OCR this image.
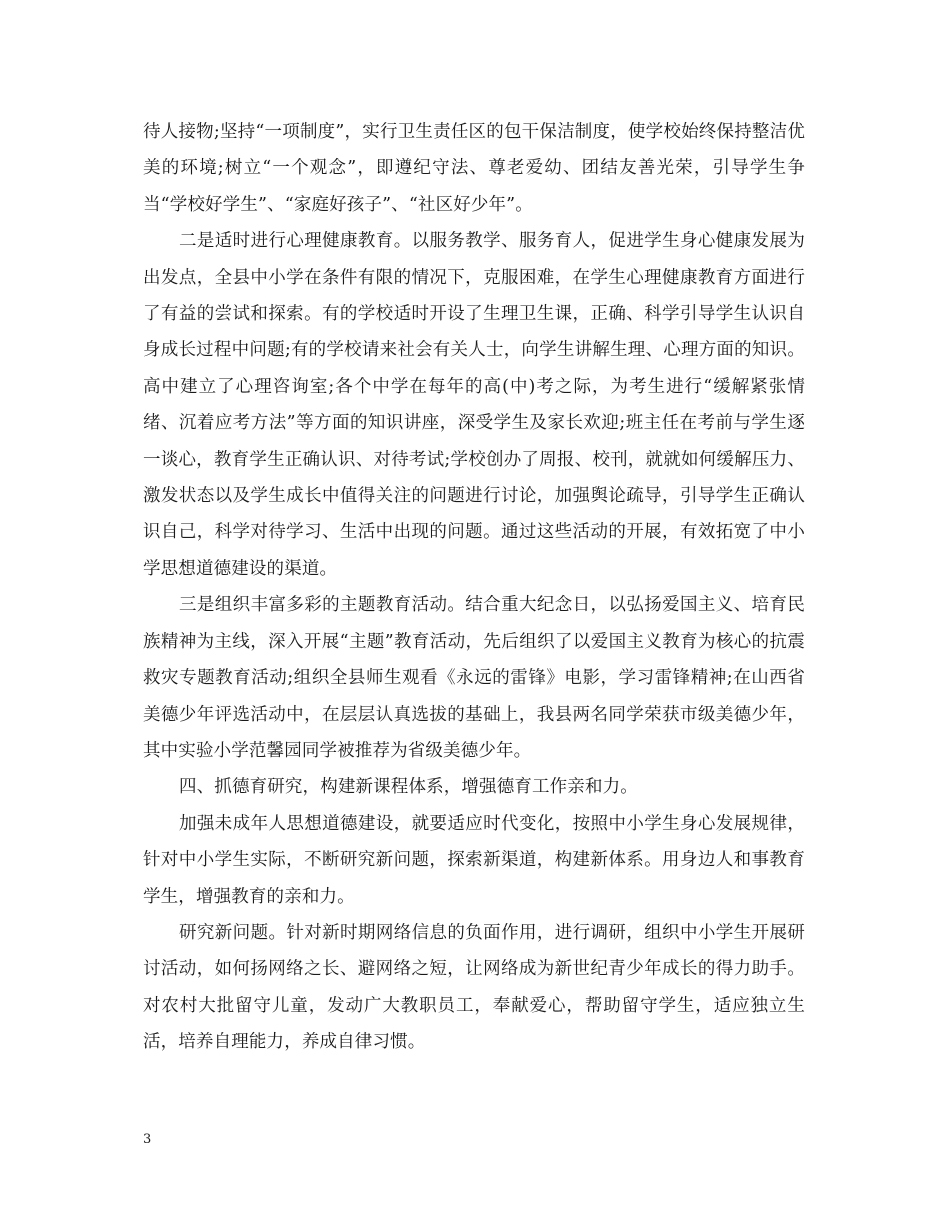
待人接物;坚持“一项制度”，实行卫生责任区的包干保洁制度，使学校始终保持整洁优美的环境;树立“一个观念”，即遵纪守法、尊老爱幼、团结友善光荣，引导学生争当“学校好学生”、“家庭好孩子”、“社区好少年”。

二是适时进行心理健康教育。以服务教学、服务育人，促进学生身心健康发展为出发点，全县中小学在条件有限的情况下，克服困难，在学生心理健康教育方面进行了有益的尝试和探索。有的学校适时开设了生理卫生课，正确、科学引导学生认识自身成长过程中问题;有的学校请来社会有关人士，向学生讲解生理、心理方面的知识。高中建立了心理咨询室;各个中学在每年的高(中)考之际，为考生进行“缓解紧张情绪、沉着应考方法”等方面的知识讲座，深受学生及家长欢迎;班主任在考前与学生逐一谈心，教育学生正确认识、对待考试;学校创办了周报、校刊，就就如何缓解压力、激发状态以及学生成长中值得关注的问题进行讨论，加强舆论疏导，引导学生正确认识自己，科学对待学习、生活中出现的问题。通过这些活动的开展，有效拓宽了中小学思想道德建设的渠道。

三是组织丰富多彩的主题教育活动。结合重大纪念日，以弘扬爱国主义、培育民族精神为主线，深入开展“主题”教育活动，先后组织了以爱国主义教育为核心的抗震救灾专题教育活动;组织全县师生观看《永远的雷锋》电影，学习雷锋精神;在山西省美德少年评选活动中，在层层认真选拔的基础上，我县两名同学荣获市级美德少年，其中实验小学范馨园同学被推荐为省级美德少年。

四、抓德育研究，构建新课程体系，增强德育工作亲和力。

加强未成年人思想道德建设，就要适应时代变化，按照中小学生身心发展规律，针对中小学生实际，不断研究新问题，探索新渠道，构建新体系。用身边人和事教育学生，增强教育的亲和力。

研究新问题。针对新时期网络信息的负面作用，进行调研，组织中小学生开展研讨活动，如何扬网络之长、避网络之短，让网络成为新世纪青少年成长的得力助手。对农村大批留守儿童，发动广大教职员工，奉献爱心，帮助留守学生，适应独立生活，培养自理能力，养成自律习惯。

3
